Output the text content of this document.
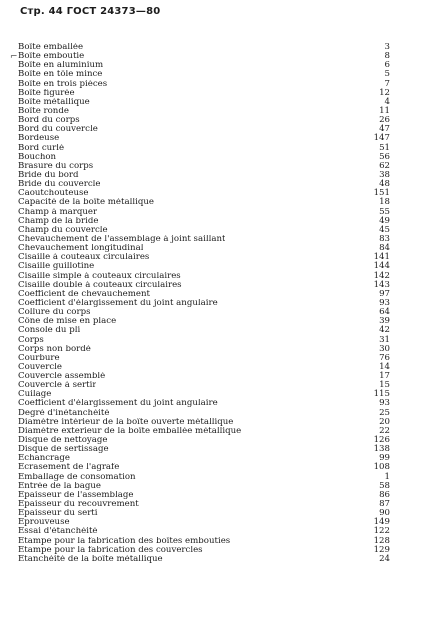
Стр. 44 ГОСТ 24373—80
Boîte emballée	3
Boîte emboutie	8
Boîte en aluminium	6
Boîte en tôle mince	5
Boîte en trois pièces	7
Boîte figurée	12
Boîte métallique	4
Boîte ronde	11
Bord du corps	26
Bord du couvercle	47
Bordeuse	147
Bord curlé	51
Bouchon	56
Brasure du corps	62
Bride du bord	38
Bride du couvercle	48
Caoutchouteuse	151
Capacité de la boîte métallique	18
Champ à marquer	55
Champ de la bride	49
Champ du couvercle	45
Chevauchement de l'assemblage à joint saillant	83
Chevauchement longitudinal	84
Cisaille à couteaux circulaires	141
Cisaille guillotine	144
Cisaille simple à couteaux circulaires	142
Cisaille double à couteaux circulaires	143
Coefficient de chevauchement	97
Coefficient d'élargissement du joint angulaire	93
Collure du corps	64
Cône de mise en place	39
Console du pli	42
Corps	31
Corps non bordé	30
Courbure	76
Couvercle	14
Couvercle assemblé	17
Couvercle à sertir	15
Cuilage	115
Coefficient d'élargissement du joint angulaire	93
Degré d'inétanchéité	25
Diamètre intérieur de la boîte ouverte métallique	20
Diamètre exterieur de la boîte emballée métallique	22
Disque de nettoyage	126
Disque de sertissage	138
Échancrage	99
Écrasement de l'agrafe	108
Emballage de consomation	1
Entrée de la bague	58
Épaisseur de l'assemblage	86
Épaisseur du recouvrement	87
Épaisseur du serti	90
Éprouveuse	149
Essai d'étanchéité	122
Étampe pour la fabrication des boîtes embouties	128
Étampe pour la fabrication des couvercles	129
Étanchéité de la boîte métallique	24
⌐
